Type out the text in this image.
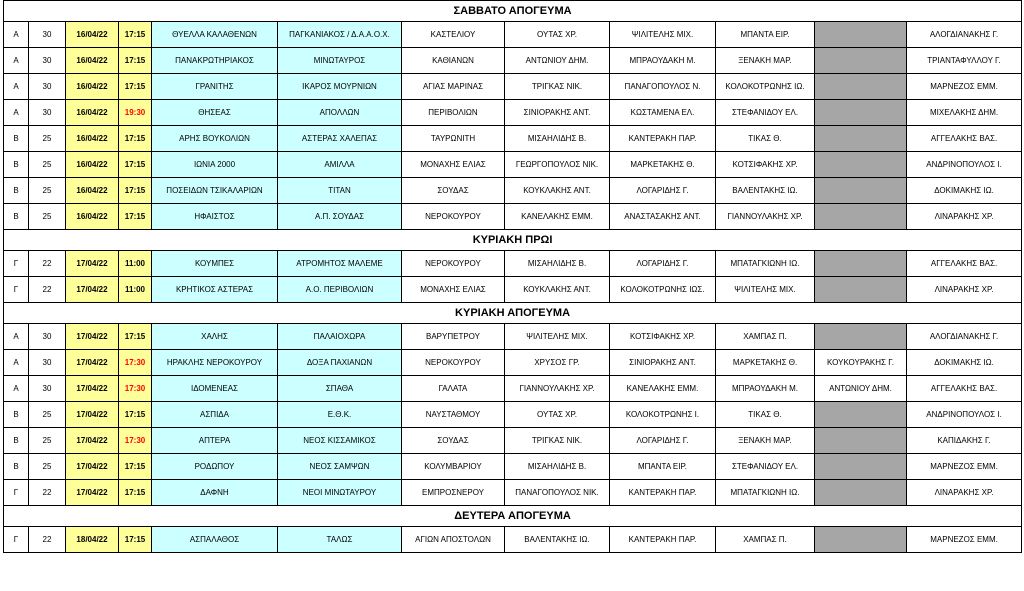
ΣΑΒΒΑΤΟ ΑΠΟΓΕΥΜΑ											
Α	30	16/04/22	17:15	ΘΥΕΛΛΑ ΚΑΛΑΘΕΝΩΝ	ΠΑΓΚΑΝΙΑΚΟΣ / Δ.Α.Α.Ο.Χ.	ΚΑΣΤΕΛΙΟΥ	ΟΥΤΑΣ ΧΡ.	ΨΙΛΙΤΕΛΗΣ ΜΙΧ.	ΜΠΑΝΤΑ ΕΙΡ.		ΑΛΟΓΔΙΑΝΑΚΗΣ Γ.
Α	30	16/04/22	17:15	ΠΑΝΑΚΡΩΤΗΡΙΑΚΟΣ	ΜΙΝΩΤΑΥΡΟΣ	ΚΑΘΙΑΝΩΝ	ΑΝΤΩΝΙΟΥ ΔΗΜ.	ΜΠΡΑΟΥΔΑΚΗ Μ.	ΞΕΝΑΚΗ ΜΑΡ.		ΤΡΙΑΝΤΑΦΥΛΛΟΥ Γ.
Α	30	16/04/22	17:15	ΓΡΑΝΙΤΗΣ	ΙΚΑΡΟΣ ΜΟΥΡΝΙΩΝ	ΑΓΙΑΣ ΜΑΡΙΝΑΣ	ΤΡΙΓΚΑΣ ΝΙΚ.	ΠΑΝΑΓΟΠΟΥΛΟΣ Ν.	ΚΟΛΟΚΟΤΡΩΝΗΣ ΙΩ.		ΜΑΡΝΕΖΟΣ ΕΜΜ.
Α	30	16/04/22	19:30	ΘΗΣΕΑΣ	ΑΠΟΛΛΩΝ	ΠΕΡΙΒΟΛΙΩΝ	ΣΙΝΙΟΡΑΚΗΣ ΑΝΤ.	ΚΩΣΤΑΜΕΝΑ ΕΛ.	ΣΤΕΦΑΝΙΔΟΥ ΕΛ.		ΜΙΧΕΛΑΚΗΣ ΔΗΜ.
Β	25	16/04/22	17:15	ΑΡΗΣ ΒΟΥΚΟΛΙΩΝ	ΑΣΤΕΡΑΣ ΧΑΛΕΠΑΣ	ΤΑΥΡΩΝΙΤΗ	ΜΙΣΑΗΛΙΔΗΣ Β.	ΚΑΝΤΕΡΑΚΗ ΠΑΡ.	ΤΙΚΑΣ Θ.		ΑΓΓΕΛΑΚΗΣ ΒΑΣ.
Β	25	16/04/22	17:15	ΙΩΝΙΑ 2000	ΑΜΙΛΛΑ	ΜΟΝΑΧΗΣ ΕΛΙΑΣ	ΓΕΩΡΓΟΠΟΥΛΟΣ ΝΙΚ.	ΜΑΡΚΕΤΑΚΗΣ Θ.	ΚΟΤΣΙΦΑΚΗΣ ΧΡ.		ΑΝΔΡΙΝΟΠΟΥΛΟΣ Ι.
Β	25	16/04/22	17:15	ΠΟΣΕΙΔΩΝ ΤΣΙΚΑΛΑΡΙΩΝ	ΤΙΤΑΝ	ΣΟΥΔΑΣ	ΚΟΥΚΛΑΚΗΣ ΑΝΤ.	ΛΟΓΑΡΙΔΗΣ Γ.	ΒΑΛΕΝΤΑΚΗΣ ΙΩ.		ΔΟΚΙΜΑΚΗΣ ΙΩ.
Β	25	16/04/22	17:15	ΗΦΑΙΣΤΟΣ	Α.Π. ΣΟΥΔΑΣ	ΝΕΡΟΚΟΥΡΟΥ	ΚΑΝΕΛΑΚΗΣ ΕΜΜ.	ΑΝΑΣΤΑΣΑΚΗΣ ΑΝΤ.	ΓΙΑΝΝΟΥΛΑΚΗΣ ΧΡ.		ΛΙΝΑΡΑΚΗΣ ΧΡ.
ΚΥΡΙΑΚΗ ΠΡΩΙ											
Γ	22	17/04/22	11:00	ΚΟΥΜΠΕΣ	ΑΤΡΟΜΗΤΟΣ ΜΑΛΕΜΕ	ΝΕΡΟΚΟΥΡΟΥ	ΜΙΣΑΗΛΙΔΗΣ Β.	ΛΟΓΑΡΙΔΗΣ Γ.	ΜΠΑΤΑΓΚΙΩΝΗ ΙΩ.		ΑΓΓΕΛΑΚΗΣ ΒΑΣ.
Γ	22	17/04/22	11:00	ΚΡΗΤΙΚΟΣ ΑΣΤΕΡΑΣ	Α.Ο. ΠΕΡΙΒΟΛΙΩΝ	ΜΟΝΑΧΗΣ ΕΛΙΑΣ	ΚΟΥΚΛΑΚΗΣ ΑΝΤ.	ΚΟΛΟΚΟΤΡΩΝΗΣ ΙΩΣ.	ΨΙΛΙΤΕΛΗΣ ΜΙΧ.		ΛΙΝΑΡΑΚΗΣ ΧΡ.
ΚΥΡΙΑΚΗ ΑΠΟΓΕΥΜΑ											
Α	30	17/04/22	17:15	ΧΑΛΗΣ	ΠΑΛΑΙΟΧΩΡΑ	ΒΑΡΥΠΕΤΡΟΥ	ΨΙΛΙΤΕΛΗΣ ΜΙΧ.	ΚΟΤΣΙΦΑΚΗΣ ΧΡ.	ΧΑΜΠΑΣ Π.		ΑΛΟΓΔΙΑΝΑΚΗΣ Γ.
Α	30	17/04/22	17:30	ΗΡΑΚΛΗΣ ΝΕΡΟΚΟΥΡΟΥ	ΔΟΞΑ ΠΑΧΙΑΝΩΝ	ΝΕΡΟΚΟΥΡΟΥ	ΧΡΥΣΟΣ ΓΡ.	ΣΙΝΙΟΡΑΚΗΣ ΑΝΤ.	ΜΑΡΚΕΤΑΚΗΣ Θ.	ΚΟΥΚΟΥΡΑΚΗΣ Γ.	ΔΟΚΙΜΑΚΗΣ ΙΩ.
Α	30	17/04/22	17:30	ΙΔΟΜΕΝΕΑΣ	ΣΠΑΘΑ	ΓΑΛΑΤΑ	ΓΙΑΝΝΟΥΛΑΚΗΣ ΧΡ.	ΚΑΝΕΛΑΚΗΣ ΕΜΜ.	ΜΠΡΑΟΥΔΑΚΗ Μ.	ΑΝΤΩΝΙΟΥ ΔΗΜ.	ΑΓΓΕΛΑΚΗΣ ΒΑΣ.
Β	25	17/04/22	17:15	ΑΣΠΙΔΑ	Ε.Θ.Κ.	ΝΑΥΣΤΑΘΜΟΥ	ΟΥΤΑΣ ΧΡ.	ΚΟΛΟΚΟΤΡΩΝΗΣ Ι.	ΤΙΚΑΣ Θ.		ΑΝΔΡΙΝΟΠΟΥΛΟΣ Ι.
Β	25	17/04/22	17:30	ΑΠΤΕΡΑ	ΝΕΟΣ ΚΙΣΣΑΜΙΚΟΣ	ΣΟΥΔΑΣ	ΤΡΙΓΚΑΣ ΝΙΚ.	ΛΟΓΑΡΙΔΗΣ Γ.	ΞΕΝΑΚΗ ΜΑΡ.		ΚΑΠΙΔΑΚΗΣ Γ.
Β	25	17/04/22	17:15	ΡΟΔΩΠΟΥ	ΝΕΟΣ ΣΑΜΨΩΝ	ΚΟΛΥΜΒΑΡΙΟΥ	ΜΙΣΑΗΛΙΔΗΣ Β.	ΜΠΑΝΤΑ ΕΙΡ.	ΣΤΕΦΑΝΙΔΟΥ ΕΛ.		ΜΑΡΝΕΖΟΣ ΕΜΜ.
Γ	22	17/04/22	17:15	ΔΑΦΝΗ	ΝΕΟΙ ΜΙΝΩΤΑΥΡΟΥ	ΕΜΠΡΟΣΝΕΡΟΥ	ΠΑΝΑΓΟΠΟΥΛΟΣ ΝΙΚ.	ΚΑΝΤΕΡΑΚΗ ΠΑΡ.	ΜΠΑΤΑΓΚΙΩΝΗ ΙΩ.		ΛΙΝΑΡΑΚΗΣ ΧΡ.
ΔΕΥΤΕΡΑ ΑΠΟΓΕΥΜΑ											
Γ	22	18/04/22	17:15	ΑΣΠΑΛΑΘΟΣ	ΤΑΛΩΣ	ΑΓΙΩΝ ΑΠΟΣΤΟΛΩΝ	ΒΑΛΕΝΤΑΚΗΣ ΙΩ.	ΚΑΝΤΕΡΑΚΗ ΠΑΡ.	ΧΑΜΠΑΣ Π.		ΜΑΡΝΕΖΟΣ ΕΜΜ.
